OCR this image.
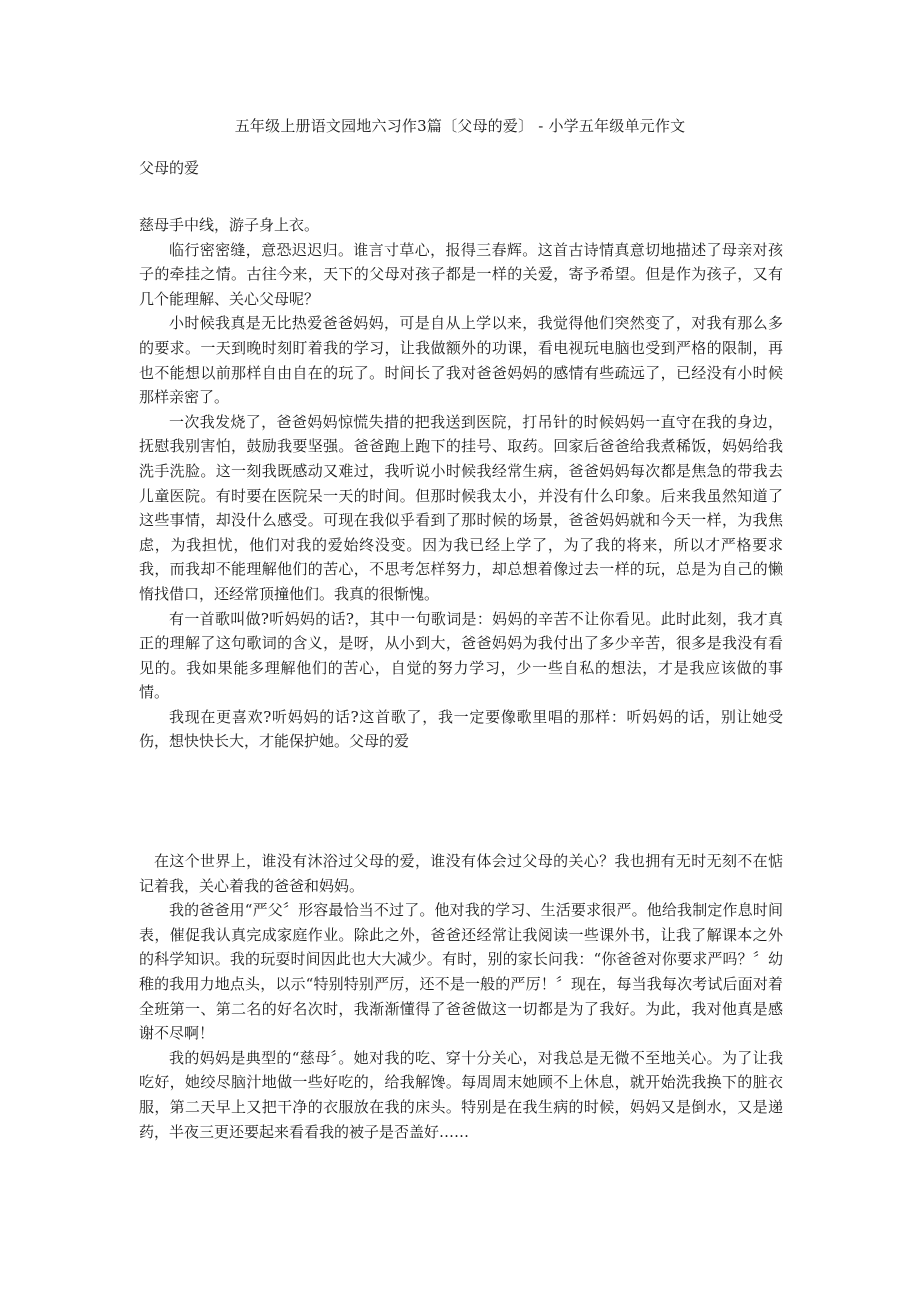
五年级上册语文园地六习作3篇〔父母的爱〕 - 小学五年级单元作文
父母的爱

慈母手中线，游子身上衣。

临行密密缝，意恐迟迟归。谁言寸草心，报得三春辉。这首古诗情真意切地描述了母亲对孩子的牵挂之情。古往今来，天下的父母对孩子都是一样的关爱，寄予希望。但是作为孩子，又有几个能理解、关心父母呢？

小时候我真是无比热爱爸爸妈妈，可是自从上学以来，我觉得他们突然变了，对我有那么多的要求。一天到晚时刻盯着我的学习，让我做额外的功课，看电视玩电脑也受到严格的限制，再也不能想以前那样自由自在的玩了。时间长了我对爸爸妈妈的感情有些疏远了，已经没有小时候那样亲密了。

一次我发烧了，爸爸妈妈惊慌失措的把我送到医院，打吊针的时候妈妈一直守在我的身边，抚慰我别害怕，鼓励我要坚强。爸爸跑上跑下的挂号、取药。回家后爸爸给我煮稀饭，妈妈给我洗手洗脸。这一刻我既感动又难过，我听说小时候我经常生病，爸爸妈妈每次都是焦急的带我去儿童医院。有时要在医院呆一天的时间。但那时候我太小，并没有什么印象。后来我虽然知道了这些事情，却没什么感受。可现在我似乎看到了那时候的场景，爸爸妈妈就和今天一样，为我焦虑，为我担忧，他们对我的爱始终没变。因为我已经上学了，为了我的将来，所以才严格要求我，而我却不能理解他们的苦心，不思考怎样努力，却总想着像过去一样的玩，总是为自己的懒惰找借口，还经常顶撞他们。我真的很惭愧。

有一首歌叫做?听妈妈的话?，其中一句歌词是：妈妈的辛苦不让你看见。此时此刻，我才真正的理解了这句歌词的含义，是呀，从小到大，爸爸妈妈为我付出了多少辛苦，很多是我没有看见的。我如果能多理解他们的苦心，自觉的努力学习，少一些自私的想法，才是我应该做的事情。

我现在更喜欢?听妈妈的话?这首歌了，我一定要像歌里唱的那样：听妈妈的话，别让她受伤，想快快长大，才能保护她。父母的爱

在这个世界上，谁没有沐浴过父母的爱，谁没有体会过父母的关心？我也拥有无时无刻不在惦记着我，关心着我的爸爸和妈妈。

我的爸爸用“严父〞形容最恰当不过了。他对我的学习、生活要求很严。他给我制定作息时间表，催促我认真完成家庭作业。除此之外，爸爸还经常让我阅读一些课外书，让我了解课本之外的科学知识。我的玩耍时间因此也大大减少。有时，别的家长问我：“你爸爸对你要求严吗？〞幼稚的我用力地点头，以示“特别特别严厉，还不是一般的严厉！〞现在，每当我每次考试后面对着全班第一、第二名的好名次时，我渐渐懂得了爸爸做这一切都是为了我好。为此，我对他真是感谢不尽啊！

我的妈妈是典型的“慈母〞。她对我的吃、穿十分关心，对我总是无微不至地关心。为了让我吃好，她绞尽脑汁地做一些好吃的，给我解馋。每周周末她顾不上休息，就开始洗我换下的脏衣服，第二天早上又把干净的衣服放在我的床头。特别是在我生病的时候，妈妈又是倒水，又是递药，半夜三更还要起来看看我的被子是否盖好……
